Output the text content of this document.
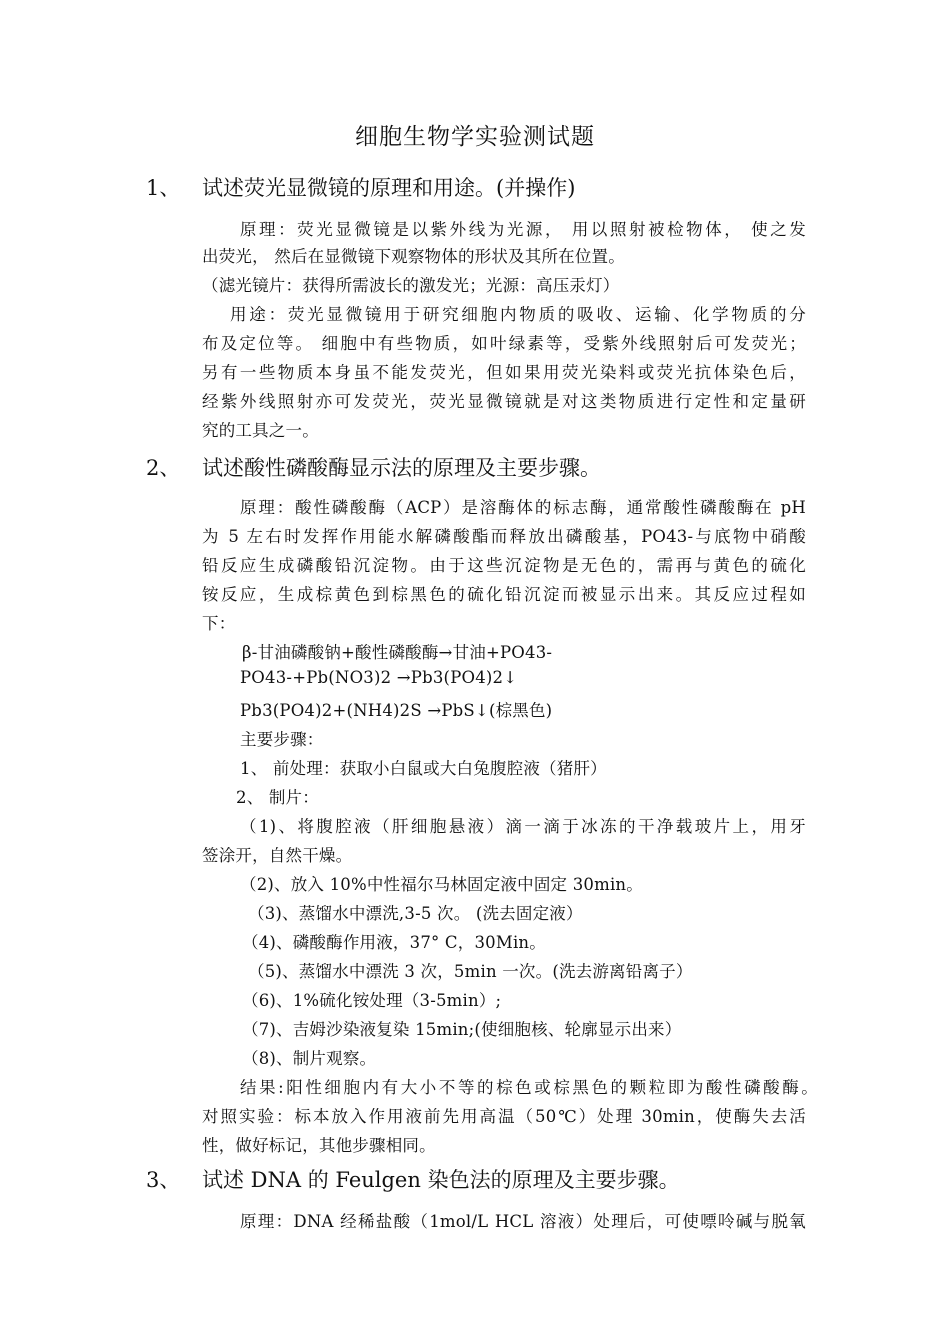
细胞生物学实验测试题
1、 试述荧光显微镜的原理和用途。(并操作)
原理：荧光显微镜是以紫外线为光源， 用以照射被检物体， 使之发
出荧光， 然后在显微镜下观察物体的形状及其所在位置。
（滤光镜片：获得所需波长的激发光；光源：高压汞灯）
用途：荧光显微镜用于研究细胞内物质的吸收、运输、化学物质的分
布及定位等。 细胞中有些物质，如叶绿素等，受紫外线照射后可发荧光；
另有一些物质本身虽不能发荧光，但如果用荧光染料或荧光抗体染色后，
经紫外线照射亦可发荧光，荧光显微镜就是对这类物质进行定性和定量研
究的工具之一。
2、 试述酸性磷酸酶显示法的原理及主要步骤。
原理：酸性磷酸酶（ACP）是溶酶体的标志酶，通常酸性磷酸酶在 pH
为 5 左右时发挥作用能水解磷酸酯而释放出磷酸基，PO43-与底物中硝酸
铅反应生成磷酸铅沉淀物。由于这些沉淀物是无色的，需再与黄色的硫化
铵反应，生成棕黄色到棕黑色的硫化铅沉淀而被显示出来。其反应过程如
下：
β-甘油磷酸钠+酸性磷酸酶→甘油+PO43-
PO43-+Pb(NO3)2 →Pb3(PO4)2↓
Pb3(PO4)2+(NH4)2S →PbS↓(棕黑色)
主要步骤：
1、 前处理：获取小白鼠或大白兔腹腔液（猪肝）
2、 制片：
（1)、将腹腔液（肝细胞悬液）滴一滴于冰冻的干净载玻片上，用牙
签涂开，自然干燥。
（2)、放入 10%中性福尔马林固定液中固定 30min。
（3)、蒸馏水中漂洗,3-5 次。 (洗去固定液）
（4)、磷酸酶作用液，37° C，30Min。
（5)、蒸馏水中漂洗 3 次，5min 一次。(洗去游离铅离子）
（6)、1%硫化铵处理（3-5min）;
（7)、吉姆沙染液复染 15min;(使细胞核、轮廓显示出来）
（8)、制片观察。
结果:阳性细胞内有大小不等的棕色或棕黑色的颗粒即为酸性磷酸酶。
对照实验：标本放入作用液前先用高温（50℃）处理 30min，使酶失去活
性，做好标记，其他步骤相同。
3、 试述 DNA 的 Feulgen 染色法的原理及主要步骤。
原理：DNA 经稀盐酸（1mol/L HCL 溶液）处理后，可使嘌呤碱与脱氧
